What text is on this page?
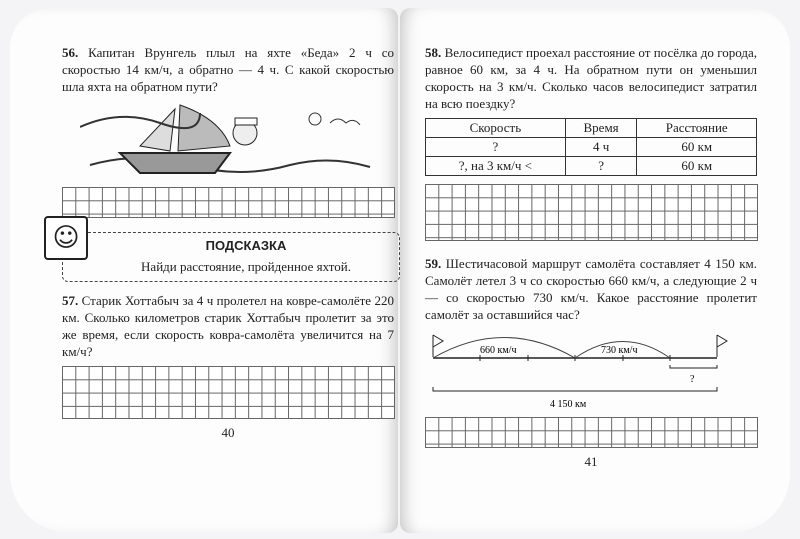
56. Капитан Врунгель плыл на яхте «Беда» 2 ч со скоростью 14 км/ч, а обратно — 4 ч. С какой скоростью шла яхта на обратном пути?
ПОДСКАЗКА
Найди расстояние, пройденное яхтой.
☺
57. Старик Хоттабыч за 4 ч пролетел на ковре-самолёте 220 км. Сколько километров старик Хоттабыч пролетит за это же время, если скорость ковра-самолёта увеличится на 7 км/ч?
40
58. Велосипедист проехал расстояние от посёлка до города, равное 60 км, за 4 ч. На обратном пути он уменьшил скорость на 3 км/ч. Сколько часов велосипедист затратил на всю поездку?
Скорость	Время	Расстояние
?	4 ч	60 км
?, на 3 км/ч <	?	60 км
59. Шестичасовой маршрут самолёта составляет 4 150 км. Самолёт летел 3 ч со скоростью 660 км/ч, а следующие 2 ч — со скоростью 730 км/ч. Какое расстояние пролетит самолёт за оставшийся час?
660 км/ч	730 км/ч
?
4 150 км
41
